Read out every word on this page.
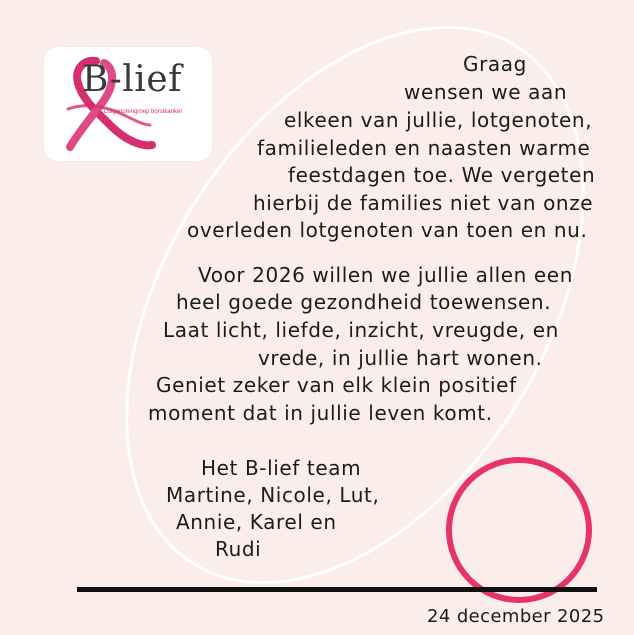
B-lief
Lotgenotengroep borstkanker
Graag
wensen we aan
elkeen van jullie, lotgenoten,
familieleden en naasten warme
feestdagen toe. We vergeten
hierbij de families niet van onze
overleden lotgenoten van toen en nu.
Voor 2026 willen we jullie allen een
heel goede gezondheid toewensen.
Laat licht, liefde, inzicht, vreugde, en
vrede, in jullie hart wonen.
Geniet zeker van elk klein positief
moment dat in jullie leven komt.
Het B-lief team
Martine, Nicole, Lut,
Annie, Karel en
Rudi
24 december 2025
